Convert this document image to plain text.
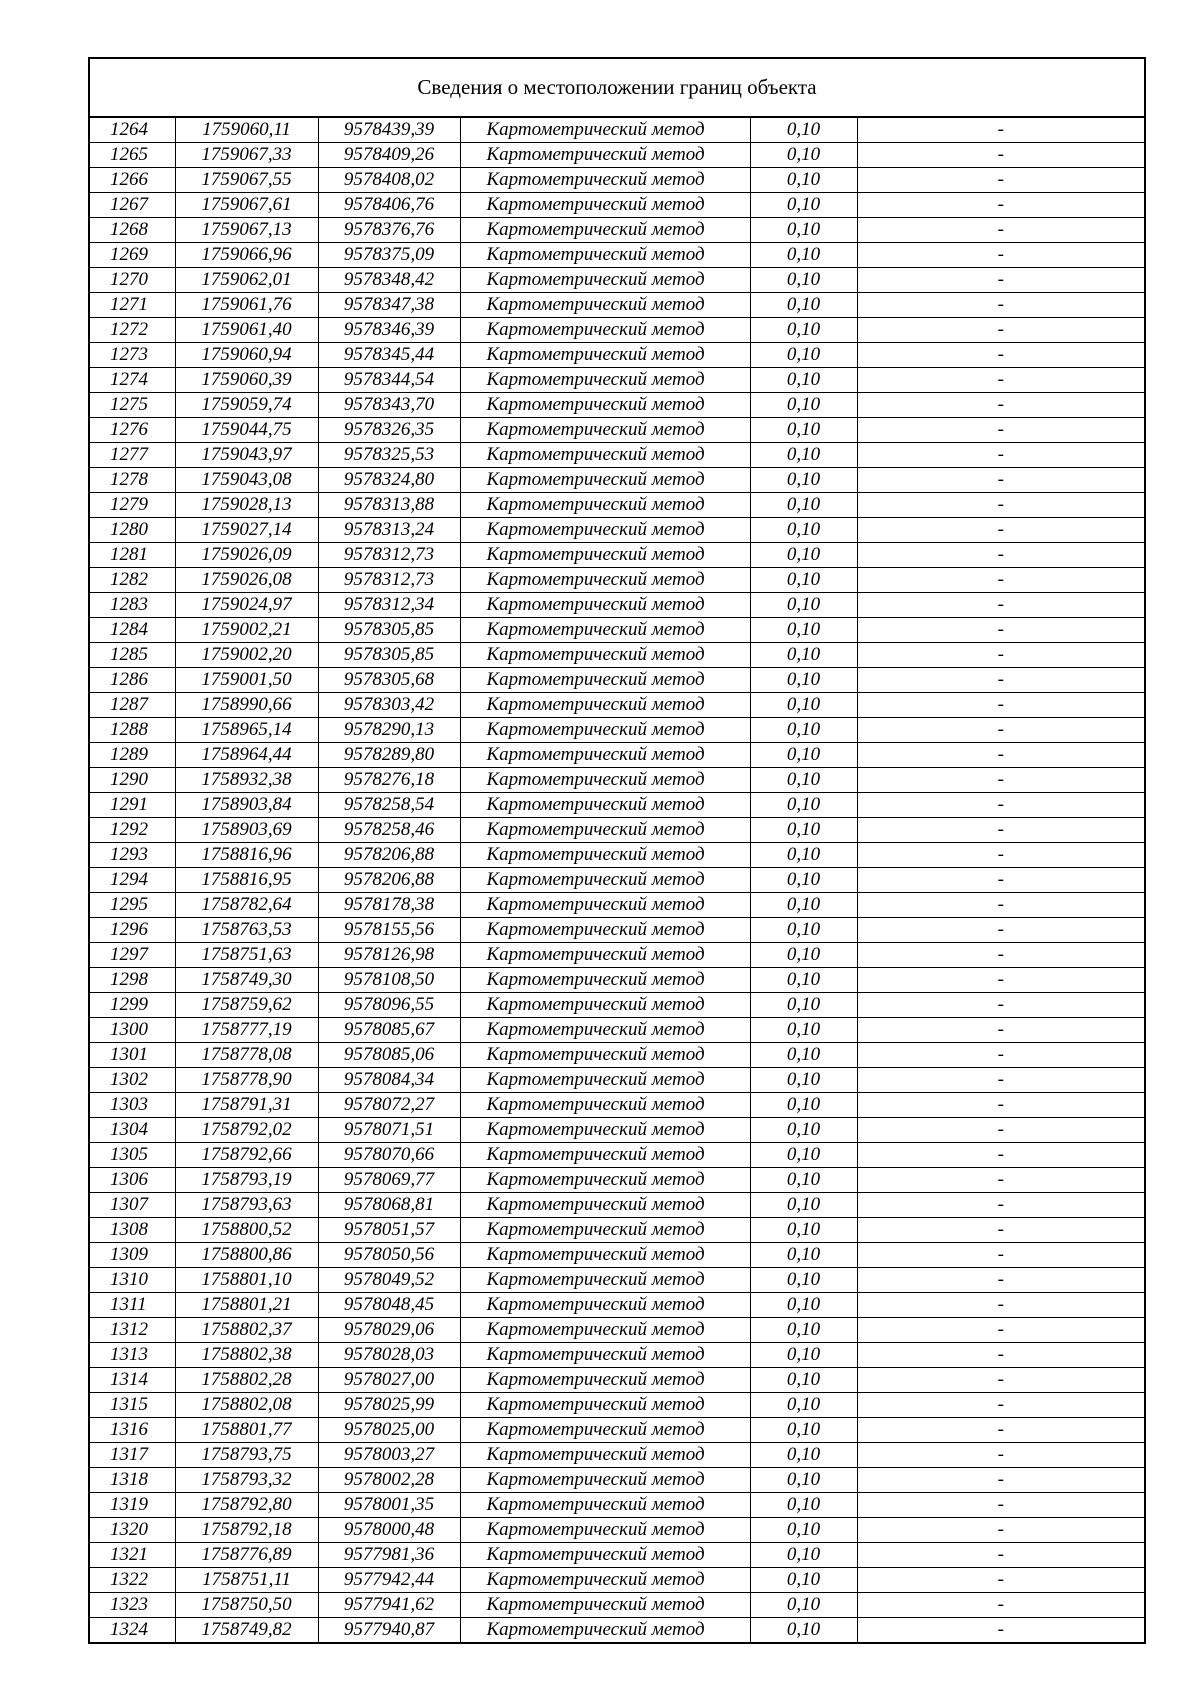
Сведения о местоположении границ объекта					
1264	1759060,11	9578439,39	Картометрический метод	0,10	-
1265	1759067,33	9578409,26	Картометрический метод	0,10	-
1266	1759067,55	9578408,02	Картометрический метод	0,10	-
1267	1759067,61	9578406,76	Картометрический метод	0,10	-
1268	1759067,13	9578376,76	Картометрический метод	0,10	-
1269	1759066,96	9578375,09	Картометрический метод	0,10	-
1270	1759062,01	9578348,42	Картометрический метод	0,10	-
1271	1759061,76	9578347,38	Картометрический метод	0,10	-
1272	1759061,40	9578346,39	Картометрический метод	0,10	-
1273	1759060,94	9578345,44	Картометрический метод	0,10	-
1274	1759060,39	9578344,54	Картометрический метод	0,10	-
1275	1759059,74	9578343,70	Картометрический метод	0,10	-
1276	1759044,75	9578326,35	Картометрический метод	0,10	-
1277	1759043,97	9578325,53	Картометрический метод	0,10	-
1278	1759043,08	9578324,80	Картометрический метод	0,10	-
1279	1759028,13	9578313,88	Картометрический метод	0,10	-
1280	1759027,14	9578313,24	Картометрический метод	0,10	-
1281	1759026,09	9578312,73	Картометрический метод	0,10	-
1282	1759026,08	9578312,73	Картометрический метод	0,10	-
1283	1759024,97	9578312,34	Картометрический метод	0,10	-
1284	1759002,21	9578305,85	Картометрический метод	0,10	-
1285	1759002,20	9578305,85	Картометрический метод	0,10	-
1286	1759001,50	9578305,68	Картометрический метод	0,10	-
1287	1758990,66	9578303,42	Картометрический метод	0,10	-
1288	1758965,14	9578290,13	Картометрический метод	0,10	-
1289	1758964,44	9578289,80	Картометрический метод	0,10	-
1290	1758932,38	9578276,18	Картометрический метод	0,10	-
1291	1758903,84	9578258,54	Картометрический метод	0,10	-
1292	1758903,69	9578258,46	Картометрический метод	0,10	-
1293	1758816,96	9578206,88	Картометрический метод	0,10	-
1294	1758816,95	9578206,88	Картометрический метод	0,10	-
1295	1758782,64	9578178,38	Картометрический метод	0,10	-
1296	1758763,53	9578155,56	Картометрический метод	0,10	-
1297	1758751,63	9578126,98	Картометрический метод	0,10	-
1298	1758749,30	9578108,50	Картометрический метод	0,10	-
1299	1758759,62	9578096,55	Картометрический метод	0,10	-
1300	1758777,19	9578085,67	Картометрический метод	0,10	-
1301	1758778,08	9578085,06	Картометрический метод	0,10	-
1302	1758778,90	9578084,34	Картометрический метод	0,10	-
1303	1758791,31	9578072,27	Картометрический метод	0,10	-
1304	1758792,02	9578071,51	Картометрический метод	0,10	-
1305	1758792,66	9578070,66	Картометрический метод	0,10	-
1306	1758793,19	9578069,77	Картометрический метод	0,10	-
1307	1758793,63	9578068,81	Картометрический метод	0,10	-
1308	1758800,52	9578051,57	Картометрический метод	0,10	-
1309	1758800,86	9578050,56	Картометрический метод	0,10	-
1310	1758801,10	9578049,52	Картометрический метод	0,10	-
1311	1758801,21	9578048,45	Картометрический метод	0,10	-
1312	1758802,37	9578029,06	Картометрический метод	0,10	-
1313	1758802,38	9578028,03	Картометрический метод	0,10	-
1314	1758802,28	9578027,00	Картометрический метод	0,10	-
1315	1758802,08	9578025,99	Картометрический метод	0,10	-
1316	1758801,77	9578025,00	Картометрический метод	0,10	-
1317	1758793,75	9578003,27	Картометрический метод	0,10	-
1318	1758793,32	9578002,28	Картометрический метод	0,10	-
1319	1758792,80	9578001,35	Картометрический метод	0,10	-
1320	1758792,18	9578000,48	Картометрический метод	0,10	-
1321	1758776,89	9577981,36	Картометрический метод	0,10	-
1322	1758751,11	9577942,44	Картометрический метод	0,10	-
1323	1758750,50	9577941,62	Картометрический метод	0,10	-
1324	1758749,82	9577940,87	Картометрический метод	0,10	-
